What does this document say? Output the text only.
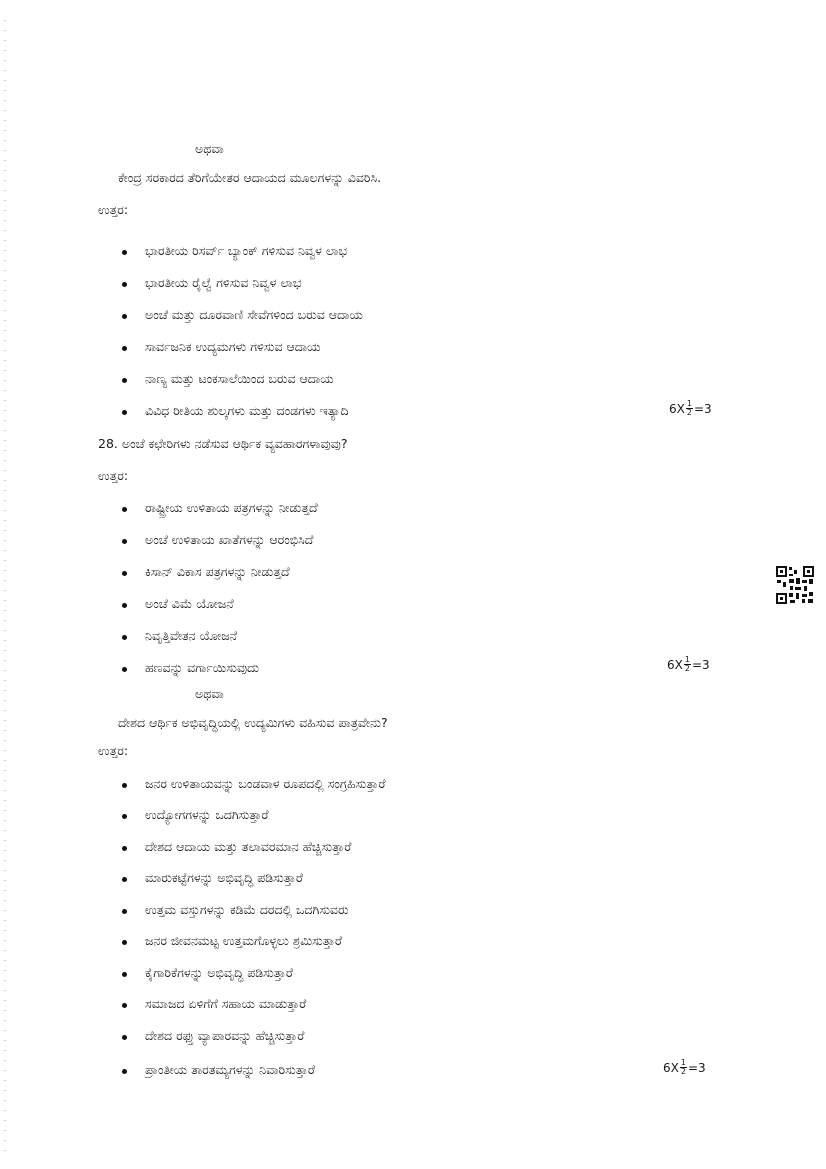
ಅಥವಾ
ಕೇಂದ್ರ ಸರಕಾರದ ತೆರಿಗೆಯೇತರ ಆದಾಯದ ಮೂಲಗಳನ್ನು ವಿವರಿಸಿ.
ಉತ್ತರ:
ಭಾರತೀಯ ರಿಸರ್ವ್ ಬ್ಯಾಂಕ್ ಗಳಿಸುವ ನಿವ್ವಳ ಲಾಭ
ಭಾರತೀಯ ರೈಲ್ವೆ ಗಳಿಸುವ ನಿವ್ವಳ ಲಾಭ
ಅಂಚೆ ಮತ್ತು ದೂರವಾಣಿ ಸೇವೆಗಳಿಂದ ಬರುವ ಆದಾಯ
ಸಾರ್ವಜನಿಕ ಉದ್ಯಮಗಳು ಗಳಿಸುವ ಆದಾಯ
ನಾಣ್ಯ ಮತ್ತು ಟಂಕಸಾಲೆಯಿಂದ ಬರುವ ಆದಾಯ
ವಿವಿಧ ರೀತಿಯ ಶುಲ್ಕಗಳು ಮತ್ತು ದಂಡಗಳು ಇತ್ಯಾದಿ	$6X \frac{1}{2} =3$
28. ಅಂಚೆ ಕಛೇರಿಗಳು ನಡೆಸುವ ಆರ್ಥಿಕ ವ್ಯವಹಾರಗಳಾವುವು?
ಉತ್ತರ:
ರಾಷ್ಟ್ರೀಯ ಉಳಿತಾಯ ಪತ್ರಗಳನ್ನು ನೀಡುತ್ತದೆ
ಅಂಚೆ ಉಳಿತಾಯ ಖಾತೆಗಳನ್ನು ಆರಂಭಿಸಿದೆ
ಕಿಸಾನ್ ವಿಕಾಸ ಪತ್ರಗಳನ್ನು ನೀಡುತ್ತದೆ
ಅಂಚೆ ವಿಮೆ ಯೋಜನೆ
ನಿವೃತ್ತಿವೇತನ ಯೋಜನೆ
ಹಣವನ್ನು ವರ್ಗಾಯಿಸುವುದು	$6X \frac{1}{2} =3$
ಅಥವಾ
ದೇಶದ ಆರ್ಥಿಕ ಅಭಿವೃದ್ಧಿಯಲ್ಲಿ ಉದ್ಯಮಿಗಳು ವಹಿಸುವ ಪಾತ್ರವೇನು?
ಉತ್ತರ:
ಜನರ ಉಳಿತಾಯವನ್ನು ಬಂಡವಾಳ ರೂಪದಲ್ಲಿ ಸಂಗ್ರಹಿಸುತ್ತಾರೆ
ಉದ್ಯೋಗಗಳನ್ನು ಒದಗಿಸುತ್ತಾರೆ
ದೇಶದ ಆದಾಯ ಮತ್ತು ತಲಾವರಮಾನ ಹೆಚ್ಚಿಸುತ್ತಾರೆ
ಮಾರುಕಟ್ಟೆಗಳನ್ನು ಅಭಿವೃದ್ಧಿ ಪಡಿಸುತ್ತಾರೆ
ಉತ್ತಮ ವಸ್ತುಗಳನ್ನು ಕಡಿಮೆ ದರದಲ್ಲಿ ಒದಗಿಸುವರು
ಜನರ ಜೀವನಮಟ್ಟ ಉತ್ತಮಗೊಳ್ಳಲು ಶ್ರಮಿಸುತ್ತಾರೆ
ಕೈಗಾರಿಕೆಗಳನ್ನು ಅಭಿವೃದ್ಧಿ ಪಡಿಸುತ್ತಾರೆ
ಸಮಾಜದ ಏಳಿಗೆಗೆ ಸಹಾಯ ಮಾಡುತ್ತಾರೆ
ದೇಶದ ರಫ್ತು ವ್ಯಾಪಾರವನ್ನು ಹೆಚ್ಚಿಸುತ್ತಾರೆ
ಪ್ರಾಂತೀಯ ತಾರತಮ್ಯಗಳನ್ನು ನಿವಾರಿಸುತ್ತಾರೆ	$6X \frac{1}{2} =3$
